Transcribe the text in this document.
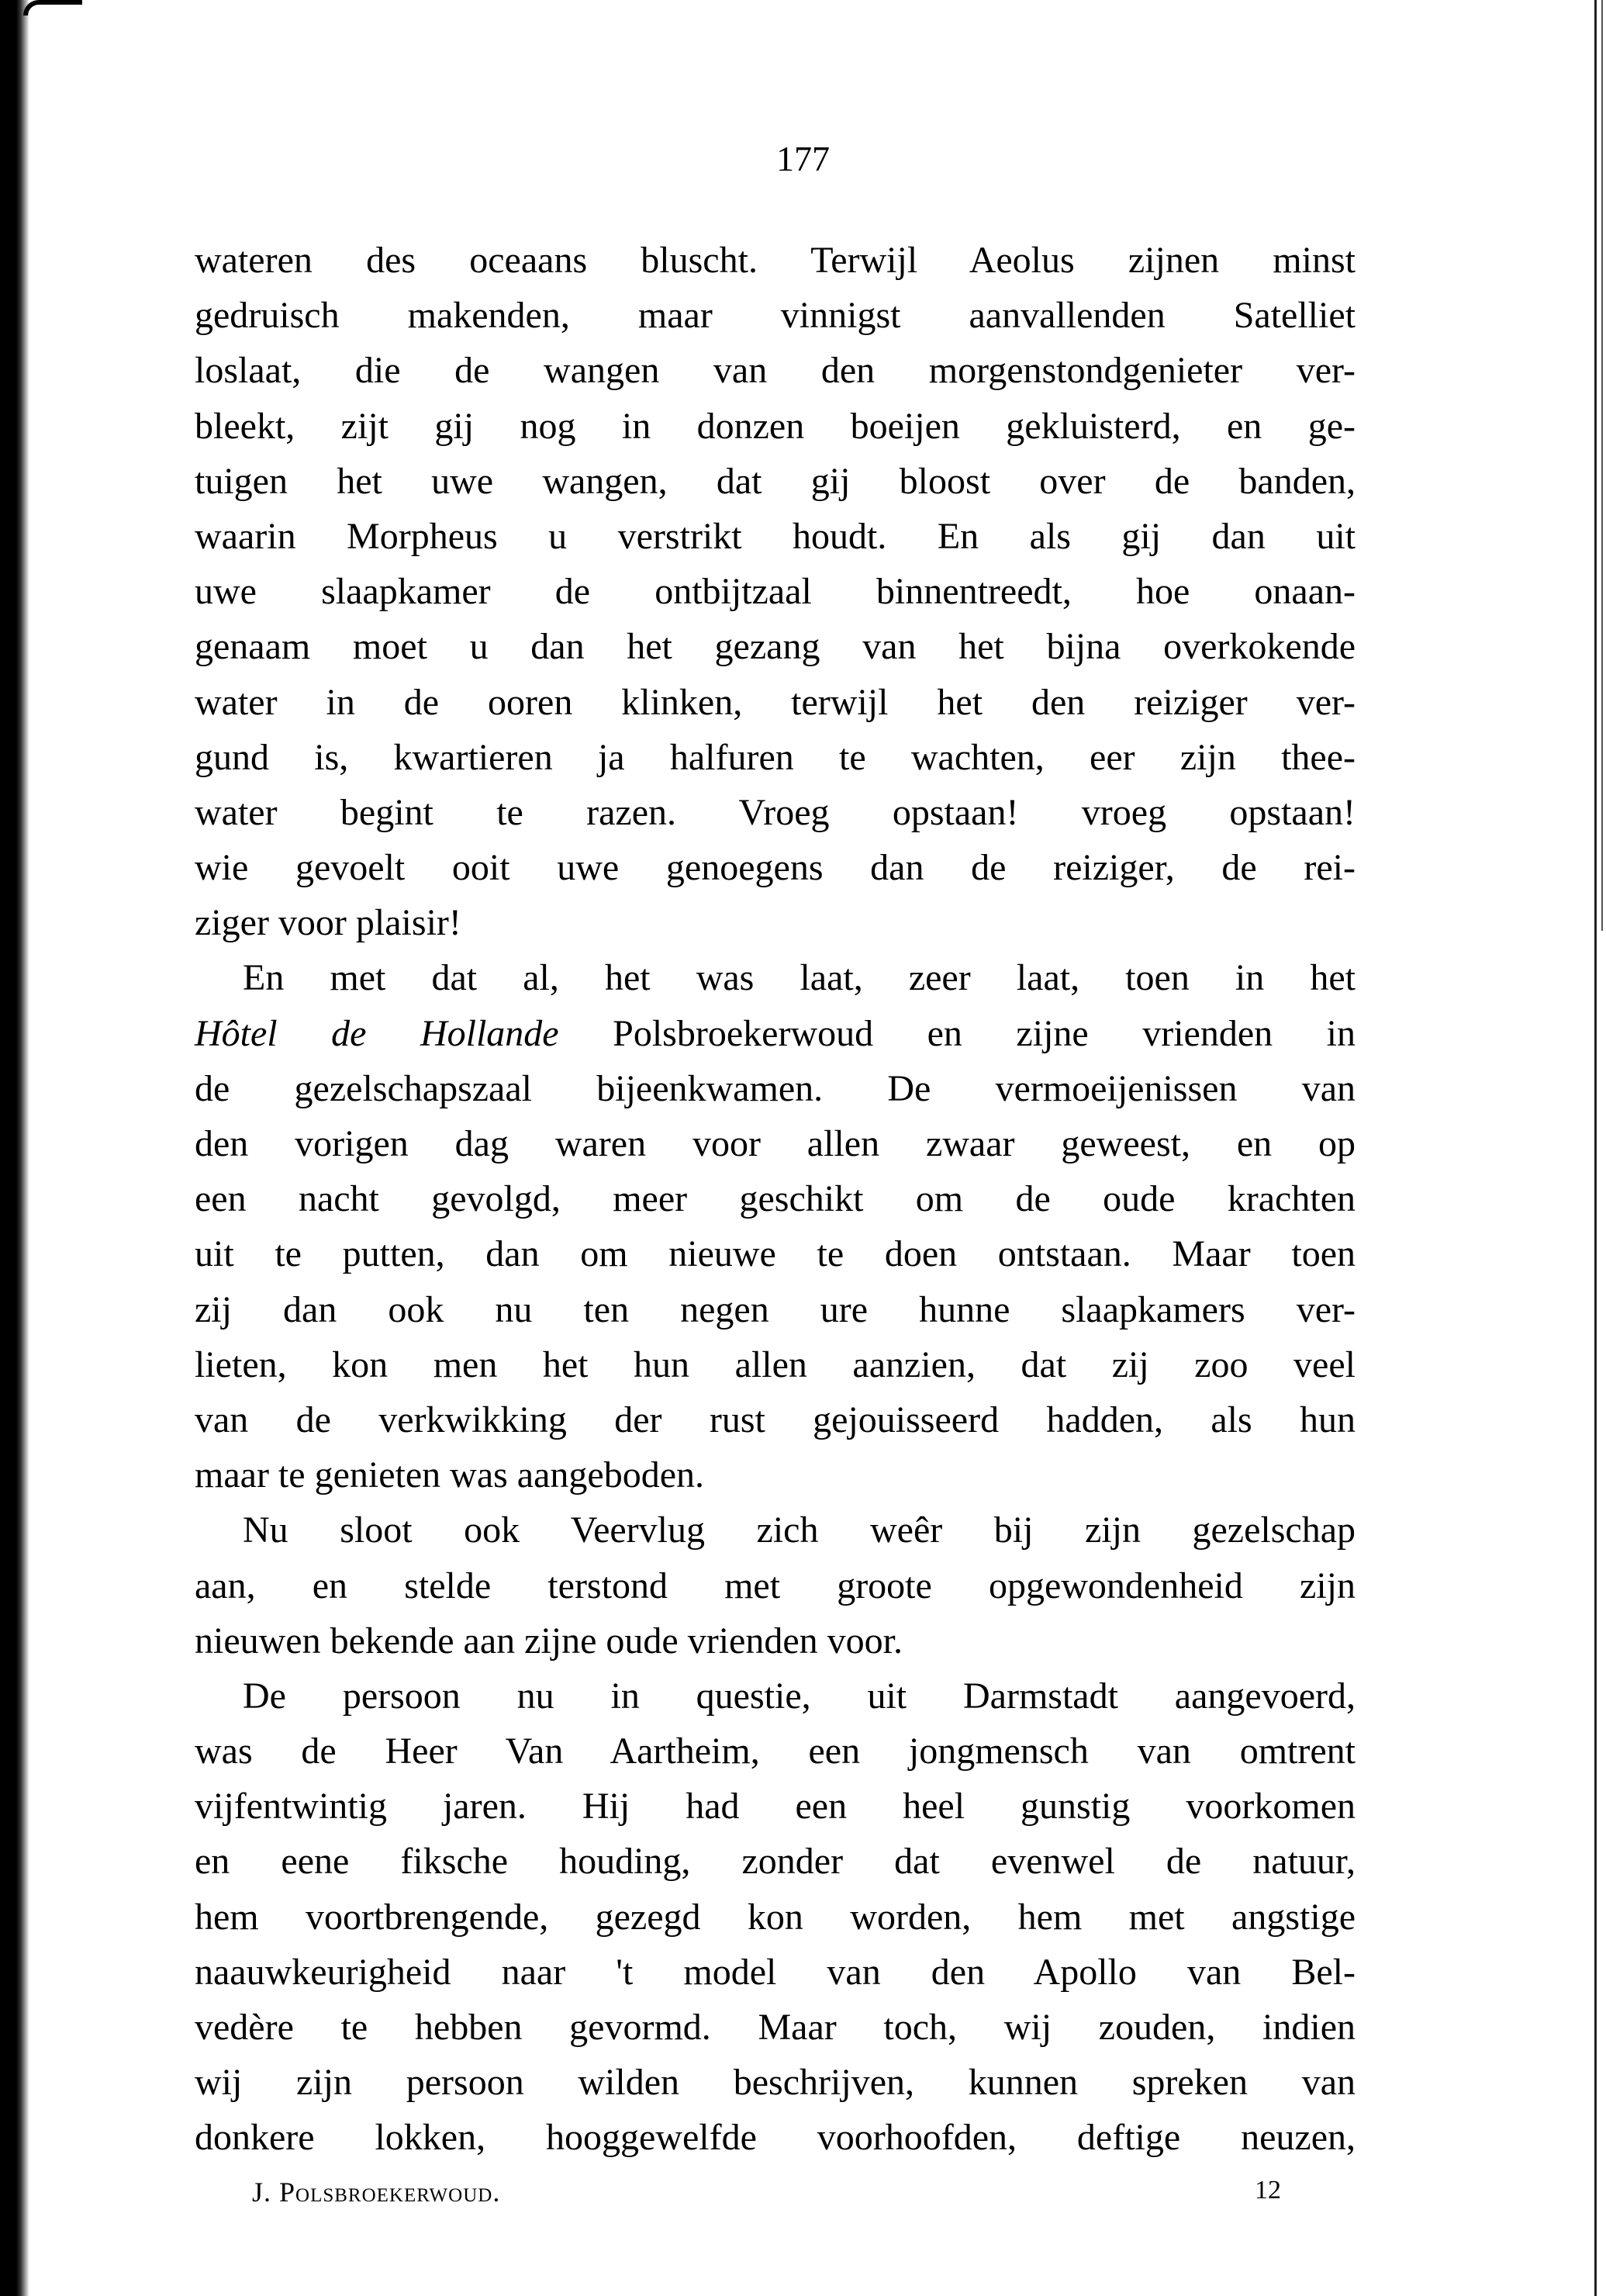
177
wateren des oceaans bluscht. Terwijl Aeolus zijnen minst
gedruisch makenden, maar vinnigst aanvallenden Satelliet
loslaat, die de wangen van den morgenstondgenieter ver-
bleekt, zijt gij nog in donzen boeijen gekluisterd, en ge-
tuigen het uwe wangen, dat gij bloost over de banden,
waarin Morpheus u verstrikt houdt. En als gij dan uit
uwe slaapkamer de ontbijtzaal binnentreedt, hoe onaan-
genaam moet u dan het gezang van het bijna overkokende
water in de ooren klinken, terwijl het den reiziger ver-
gund is, kwartieren ja halfuren te wachten, eer zijn thee-
water begint te razen. Vroeg opstaan! vroeg opstaan!
wie gevoelt ooit uwe genoegens dan de reiziger, de rei-
ziger voor plaisir!
En met dat al, het was laat, zeer laat, toen in het
Hôtel de Hollande Polsbroekerwoud en zijne vrienden in
de gezelschapszaal bijeenkwamen. De vermoeijenissen van
den vorigen dag waren voor allen zwaar geweest, en op
een nacht gevolgd, meer geschikt om de oude krachten
uit te putten, dan om nieuwe te doen ontstaan. Maar toen
zij dan ook nu ten negen ure hunne slaapkamers ver-
lieten, kon men het hun allen aanzien, dat zij zoo veel
van de verkwikking der rust gejouisseerd hadden, als hun
maar te genieten was aangeboden.
Nu sloot ook Veervlug zich weêr bij zijn gezelschap
aan, en stelde terstond met groote opgewondenheid zijn
nieuwen bekende aan zijne oude vrienden voor.
De persoon nu in questie, uit Darmstadt aangevoerd,
was de Heer Van Aartheim, een jongmensch van omtrent
vijfentwintig jaren. Hij had een heel gunstig voorkomen
en eene fiksche houding, zonder dat evenwel de natuur,
hem voortbrengende, gezegd kon worden, hem met angstige
naauwkeurigheid naar 't model van den Apollo van Bel-
vedère te hebben gevormd. Maar toch, wij zouden, indien
wij zijn persoon wilden beschrijven, kunnen spreken van
donkere lokken, hooggewelfde voorhoofden, deftige neuzen,
J. Polsbroekerwoud.	12
